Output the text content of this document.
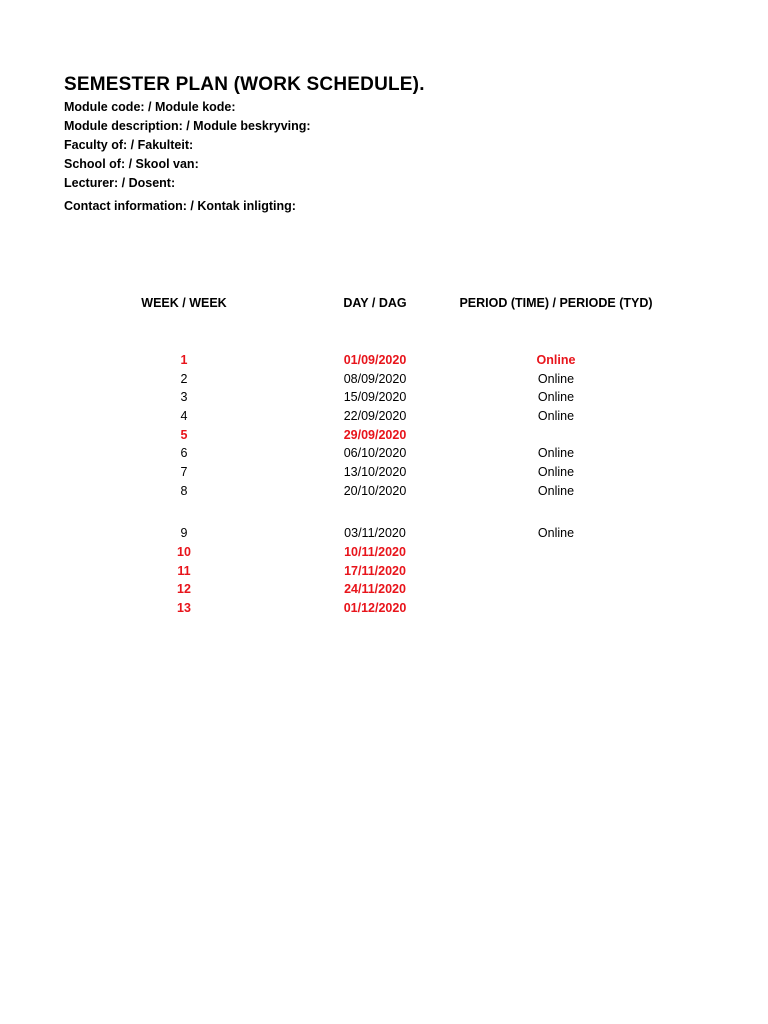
SEMESTER PLAN (WORK SCHEDULE).
Module code: / Module kode:
Module description: / Module beskryving:
Faculty of: / Fakulteit:
School of: / Skool van:
Lecturer: / Dosent:
Contact information: / Kontak inligting:
WEEK / WEEK	DAY / DAG	PERIOD (TIME) / PERIODE (TYD)
1	01/09/2020	Online
2	08/09/2020	Online
3	15/09/2020	Online
4	22/09/2020	Online
5	29/09/2020
6	06/10/2020	Online
7	13/10/2020	Online
8	20/10/2020	Online
9	03/11/2020	Online
10	10/11/2020
11	17/11/2020
12	24/11/2020
13	01/12/2020
